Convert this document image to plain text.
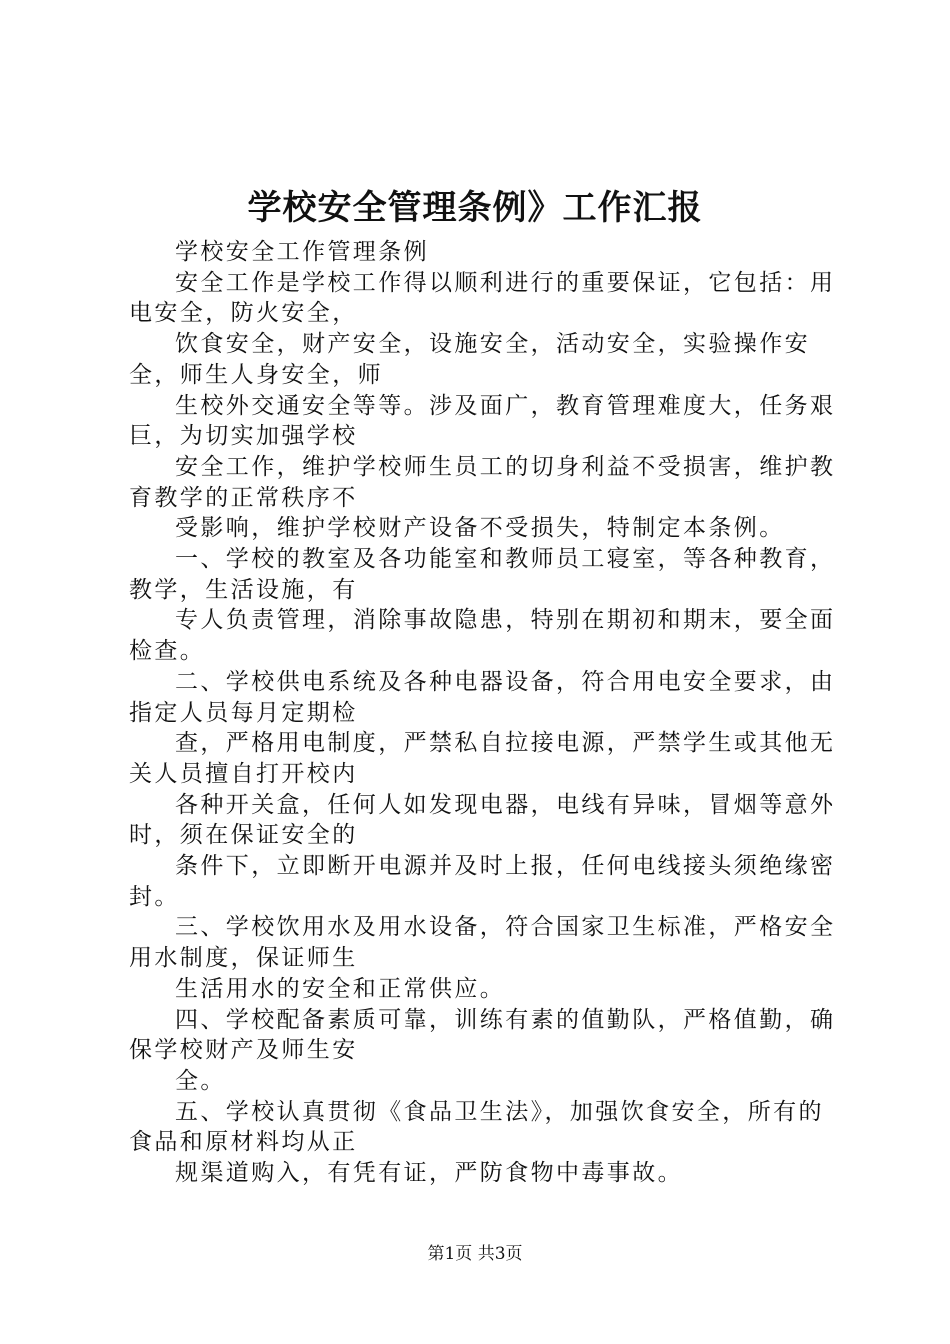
学校安全管理条例》工作汇报

学校安全工作管理条例

安全工作是学校工作得以顺利进行的重要保证，它包括：用电安全，防火安全，

饮食安全，财产安全，设施安全，活动安全，实验操作安全，师生人身安全，师

生校外交通安全等等。涉及面广，教育管理难度大，任务艰巨，为切实加强学校

安全工作，维护学校师生员工的切身利益不受损害，维护教育教学的正常秩序不

受影响，维护学校财产设备不受损失，特制定本条例。

一、学校的教室及各功能室和教师员工寝室，等各种教育，教学，生活设施，有

专人负责管理，消除事故隐患，特别在期初和期末，要全面检查。

二、学校供电系统及各种电器设备，符合用电安全要求，由指定人员每月定期检

查，严格用电制度，严禁私自拉接电源，严禁学生或其他无关人员擅自打开校内

各种开关盒，任何人如发现电器，电线有异味，冒烟等意外时，须在保证安全的

条件下，立即断开电源并及时上报，任何电线接头须绝缘密封。

三、学校饮用水及用水设备，符合国家卫生标准，严格安全用水制度，保证师生

生活用水的安全和正常供应。

四、学校配备素质可靠，训练有素的值勤队，严格值勤，确保学校财产及师生安

全。

五、学校认真贯彻《食品卫生法》，加强饮食安全，所有的食品和原材料均从正

规渠道购入，有凭有证，严防食物中毒事故。

第1页 共3页
